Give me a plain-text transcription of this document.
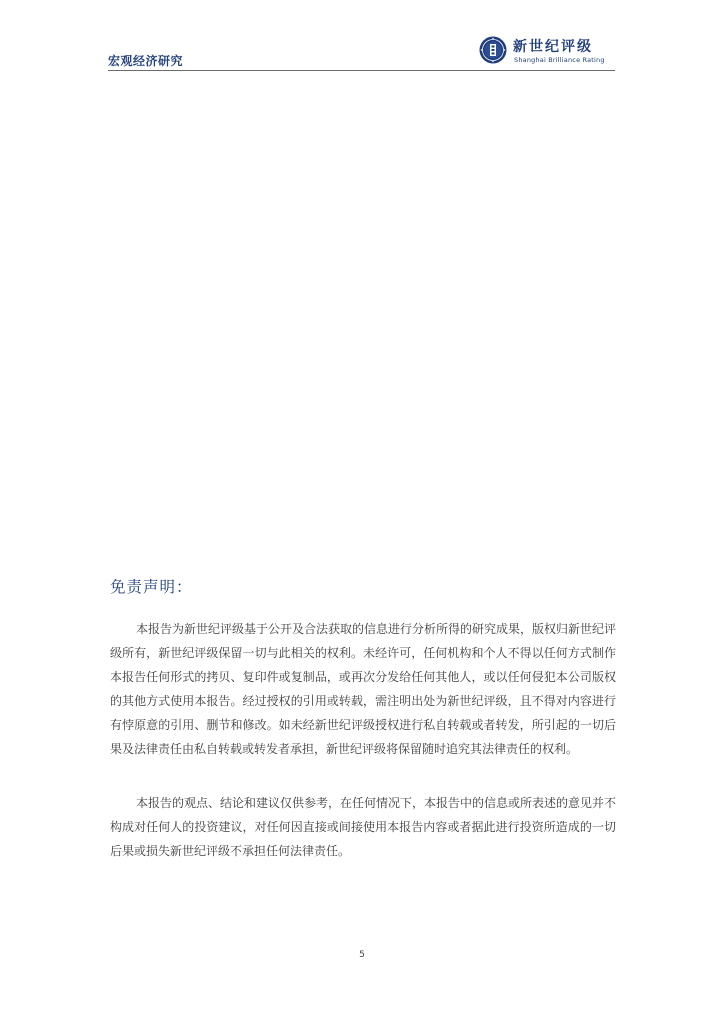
宏观经济研究
新世纪评级
Shanghai Brilliance Rating
免责声明：

本报告为新世纪评级基于公开及合法获取的信息进行分析所得的研究成果，版权归新世纪评级所有，新世纪评级保留一切与此相关的权利。未经许可，任何机构和个人不得以任何方式制作本报告任何形式的拷贝、复印件或复制品，或再次分发给任何其他人，或以任何侵犯本公司版权的其他方式使用本报告。经过授权的引用或转载，需注明出处为新世纪评级，且不得对内容进行有悖原意的引用、删节和修改。如未经新世纪评级授权进行私自转载或者转发，所引起的一切后果及法律责任由私自转载或转发者承担，新世纪评级将保留随时追究其法律责任的权利。

本报告的观点、结论和建议仅供参考，在任何情况下，本报告中的信息或所表述的意见并不构成对任何人的投资建议，对任何因直接或间接使用本报告内容或者据此进行投资所造成的一切后果或损失新世纪评级不承担任何法律责任。

5
